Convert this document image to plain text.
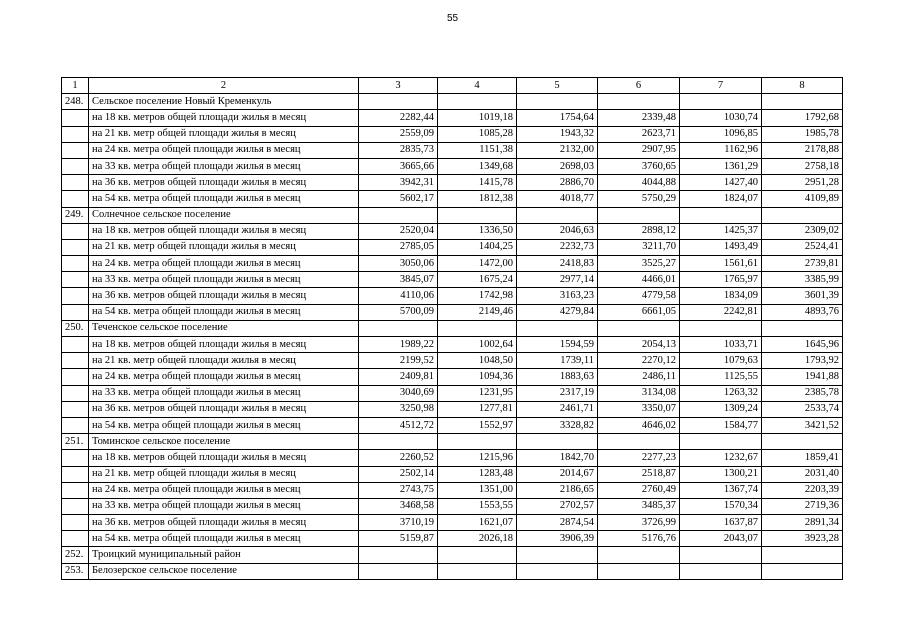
55
1	2	3	4	5	6	7	8
248.	Сельское поселение Новый Кременкуль						
	на 18 кв. метров общей площади жилья в месяц	2282,44	1019,18	1754,64	2339,48	1030,74	1792,68
	на 21 кв. метр общей площади жилья в месяц	2559,09	1085,28	1943,32	2623,71	1096,85	1985,78
	на 24 кв. метра общей площади жилья в месяц	2835,73	1151,38	2132,00	2907,95	1162,96	2178,88
	на 33 кв. метра общей площади жилья в месяц	3665,66	1349,68	2698,03	3760,65	1361,29	2758,18
	на 36 кв. метров общей площади жилья в месяц	3942,31	1415,78	2886,70	4044,88	1427,40	2951,28
	на 54 кв. метра общей площади жилья в месяц	5602,17	1812,38	4018,77	5750,29	1824,07	4109,89
249.	Солнечное сельское поселение						
	на 18 кв. метров общей площади жилья в месяц	2520,04	1336,50	2046,63	2898,12	1425,37	2309,02
	на 21 кв. метр общей площади жилья в месяц	2785,05	1404,25	2232,73	3211,70	1493,49	2524,41
	на 24 кв. метра общей площади жилья в месяц	3050,06	1472,00	2418,83	3525,27	1561,61	2739,81
	на 33 кв. метра общей площади жилья в месяц	3845,07	1675,24	2977,14	4466,01	1765,97	3385,99
	на 36 кв. метров общей площади жилья в месяц	4110,06	1742,98	3163,23	4779,58	1834,09	3601,39
	на 54 кв. метра общей площади жилья в месяц	5700,09	2149,46	4279,84	6661,05	2242,81	4893,76
250.	Теченское сельское поселение						
	на 18 кв. метров общей площади жилья в месяц	1989,22	1002,64	1594,59	2054,13	1033,71	1645,96
	на 21 кв. метр общей площади жилья в месяц	2199,52	1048,50	1739,11	2270,12	1079,63	1793,92
	на 24 кв. метра общей площади жилья в месяц	2409,81	1094,36	1883,63	2486,11	1125,55	1941,88
	на 33 кв. метра общей площади жилья в месяц	3040,69	1231,95	2317,19	3134,08	1263,32	2385,78
	на 36 кв. метров общей площади жилья в месяц	3250,98	1277,81	2461,71	3350,07	1309,24	2533,74
	на 54 кв. метра общей площади жилья в месяц	4512,72	1552,97	3328,82	4646,02	1584,77	3421,52
251.	Томинское сельское поселение						
	на 18 кв. метров общей площади жилья в месяц	2260,52	1215,96	1842,70	2277,23	1232,67	1859,41
	на 21 кв. метр общей площади жилья в месяц	2502,14	1283,48	2014,67	2518,87	1300,21	2031,40
	на 24 кв. метра общей площади жилья в месяц	2743,75	1351,00	2186,65	2760,49	1367,74	2203,39
	на 33 кв. метра общей площади жилья в месяц	3468,58	1553,55	2702,57	3485,37	1570,34	2719,36
	на 36 кв. метров общей площади жилья в месяц	3710,19	1621,07	2874,54	3726,99	1637,87	2891,34
	на 54 кв. метра общей площади жилья в месяц	5159,87	2026,18	3906,39	5176,76	2043,07	3923,28
252.	Троицкий муниципальный район						
253.	Белозерское сельское поселение						
